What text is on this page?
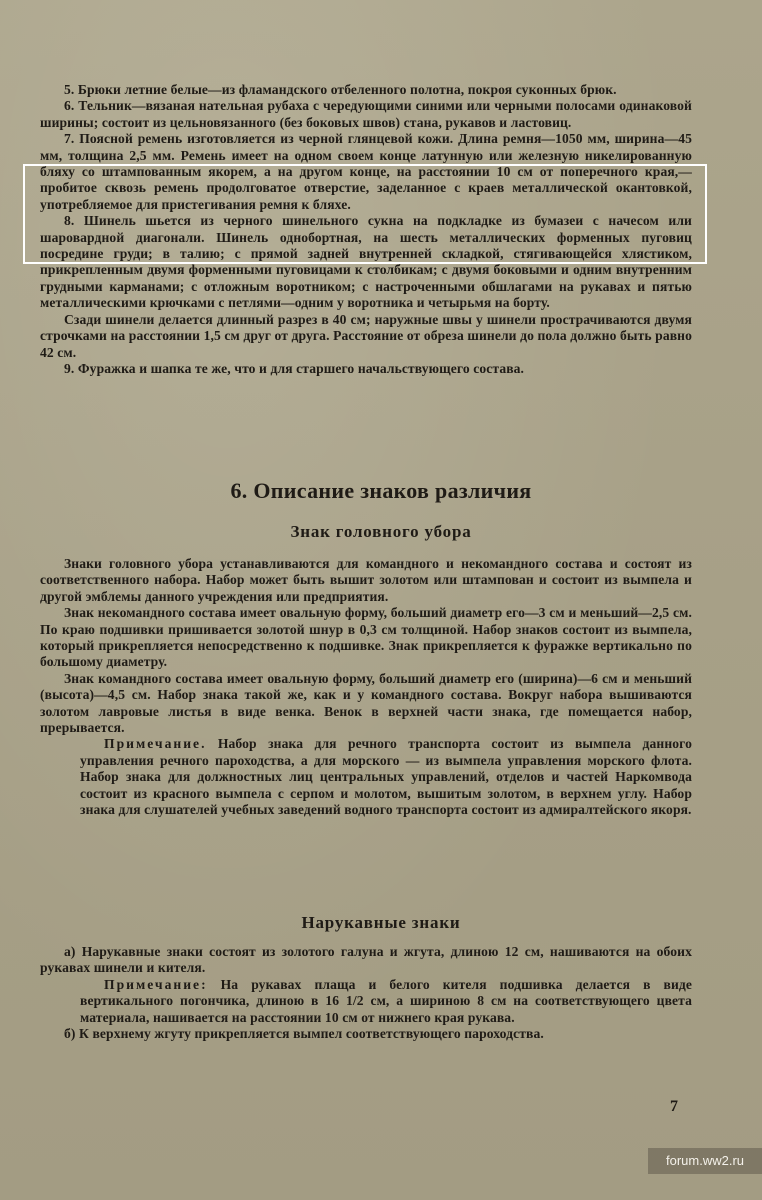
5. Брюки летние белые—из фламандского отбеленного полотна, покроя суконных брюк.

6. Тельник—вязаная нательная рубаха с чередующими синими или черными полосами одинаковой ширины; состоит из цельновязанного (без боковых швов) стана, рукавов и ластовиц.

7. Поясной ремень изготовляется из черной глянцевой кожи. Длина ремня—1050 мм, ширина—45 мм, толщина 2,5 мм. Ремень имеет на одном своем конце латунную или железную никелированную бляху со штампованным якорем, а на другом конце, на расстоянии 10 см от поперечного края,— пробитое сквозь ремень продолговатое отверстие, заделанное с краев металлической окантовкой, употребляемое для пристегивания ремня к бляхе.

8. Шинель шьется из черного шинельного сукна на подкладке из бумазеи с начесом или шаровардной диагонали. Шинель однобортная, на шесть металлических форменных пуговиц посредине груди; в талию; с прямой задней внутренней складкой, стягивающейся хлястиком, прикрепленным двумя форменными пуговицами к столбикам; с двумя боковыми и одним внутренним грудными карманами; с отложным воротником; с настроченными обшлагами на рукавах и пятью металлическими крючками с петлями—одним у воротника и четырьмя на борту.

Сзади шинели делается длинный разрез в 40 см; наружные швы у шинели прострачиваются двумя строчками на расстоянии 1,5 см друг от друга. Расстояние от обреза шинели до пола должно быть равно 42 см.

9. Фуражка и шапка те же, что и для старшего начальствующего состава.

6. Описание знаков различия
Знак головного убора

Знаки головного убора устанавливаются для командного и некомандного состава и состоят из соответственного набора. Набор может быть вышит золотом или штампован и состоит из вымпела и другой эмблемы данного учреждения или предприятия.

Знак некомандного состава имеет овальную форму, больший диаметр его—3 см и меньший—2,5 см. По краю подшивки пришивается золотой шнур в 0,3 см толщиной. Набор знаков состоит из вымпела, который прикрепляется непосредственно к подшивке. Знак прикрепляется к фуражке вертикально по большому диаметру.

Знак командного состава имеет овальную форму, больший диаметр его (ширина)—6 см и меньший (высота)—4,5 см. Набор знака такой же, как и у командного состава. Вокруг набора вышиваются золотом лавровые листья в виде венка. Венок в верхней части знака, где помещается набор, прерывается.

Примечание. Набор знака для речного транспорта состоит из вымпела данного управления речного пароходства, а для морского — из вымпела управления морского флота. Набор знака для должностных лиц центральных управлений, отделов и частей Наркомвода состоит из красного вымпела с серпом и молотом, вышитым золотом, в верхнем углу. Набор знака для слушателей учебных заведений водного транспорта состоит из адмиралтейского якоря.

Нарукавные знаки

а) Нарукавные знаки состоят из золотого галуна и жгута, длиною 12 см, нашиваются на обоих рукавах шинели и кителя.

Примечание: На рукавах плаща и белого кителя подшивка делается в виде вертикального погончика, длиною в 16 1/2 см, а шириною 8 см на соответствующего цвета материала, нашивается на расстоянии 10 см от нижнего края рукава.

б) К верхнему жгуту прикрепляется вымпел соответствующего пароходства.

7
forum.ww2.ru
